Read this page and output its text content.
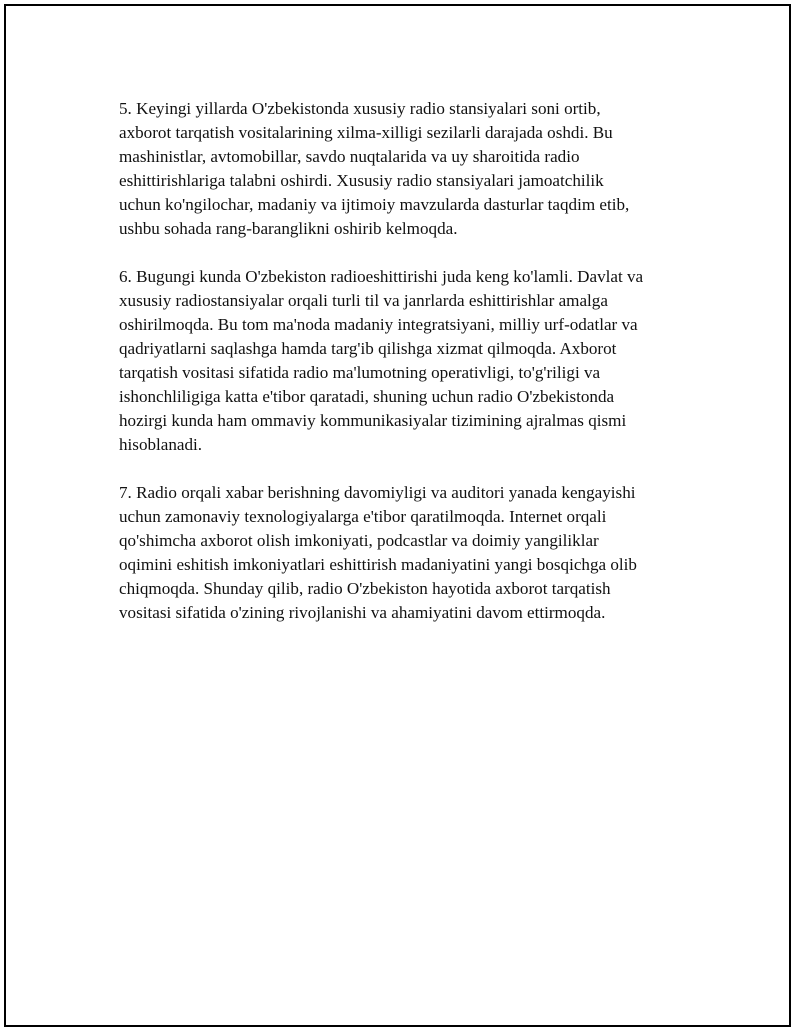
5. Keyingi yillarda O'zbekistonda xususiy radio stansiyalari soni ortib,
axborot tarqatish vositalarining xilma-xilligi sezilarli darajada oshdi. Bu
mashinistlar, avtomobillar, savdo nuqtalarida va uy sharoitida radio
eshittirishlariga talabni oshirdi. Xususiy radio stansiyalari jamoatchilik
uchun ko'ngilochar, madaniy va ijtimoiy mavzularda dasturlar taqdim etib,
ushbu sohada rang-baranglikni oshirib kelmoqda.

6. Bugungi kunda O'zbekiston radioeshittirishi juda keng ko'lamli. Davlat va
xususiy radiostansiyalar orqali turli til va janrlarda eshittirishlar amalga
oshirilmoqda. Bu tom ma'noda madaniy integratsiyani, milliy urf-odatlar va
qadriyatlarni saqlashga hamda targ'ib qilishga xizmat qilmoqda. Axborot
tarqatish vositasi sifatida radio ma'lumotning operativligi, to'g'riligi va
ishonchliligiga katta e'tibor qaratadi, shuning uchun radio O'zbekistonda
hozirgi kunda ham ommaviy kommunikasiyalar tizimining ajralmas qismi
hisoblanadi.

7. Radio orqali xabar berishning davomiyligi va auditori yanada kengayishi
uchun zamonaviy texnologiyalarga e'tibor qaratilmoqda. Internet orqali
qo'shimcha axborot olish imkoniyati, podcastlar va doimiy yangiliklar
oqimini eshitish imkoniyatlari eshittirish madaniyatini yangi bosqichga olib
chiqmoqda. Shunday qilib, radio O'zbekiston hayotida axborot tarqatish
vositasi sifatida o'zining rivojlanishi va ahamiyatini davom ettirmoqda.
